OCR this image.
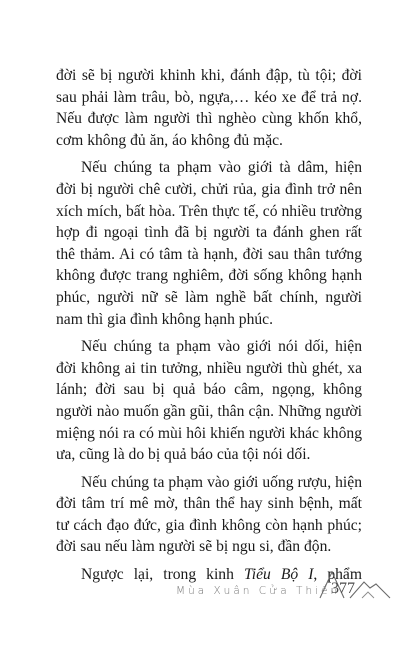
đời sẽ bị người khinh khi, đánh đập, tù tội; đời sau phải làm trâu, bò, ngựa,… kéo xe để trả nợ. Nếu được làm người thì nghèo cùng khốn khổ, cơm không đủ ăn, áo không đủ mặc.

Nếu chúng ta phạm vào giới tà dâm, hiện đời bị người chê cười, chửi rủa, gia đình trở nên xích mích, bất hòa. Trên thực tế, có nhiều trường hợp đi ngoại tình đã bị người ta đánh ghen rất thê thảm. Ai có tâm tà hạnh, đời sau thân tướng không được trang nghiêm, đời sống không hạnh phúc, người nữ sẽ làm nghề bất chính, người nam thì gia đình không hạnh phúc.

Nếu chúng ta phạm vào giới nói dối, hiện đời không ai tin tưởng, nhiều người thù ghét, xa lánh; đời sau bị quả báo câm, ngọng, không người nào muốn gần gũi, thân cận. Những người miệng nói ra có mùi hôi khiến người khác không ưa, cũng là do bị quả báo của tội nói dối.

Nếu chúng ta phạm vào giới uống rượu, hiện đời tâm trí mê mờ, thân thể hay sinh bệnh, mất tư cách đạo đức, gia đình không còn hạnh phúc; đời sau nếu làm người sẽ bị ngu si, đần độn.

Ngược lại, trong kinh Tiểu Bộ I, phẩm

Mùa Xuân Cửa Thiền
377
